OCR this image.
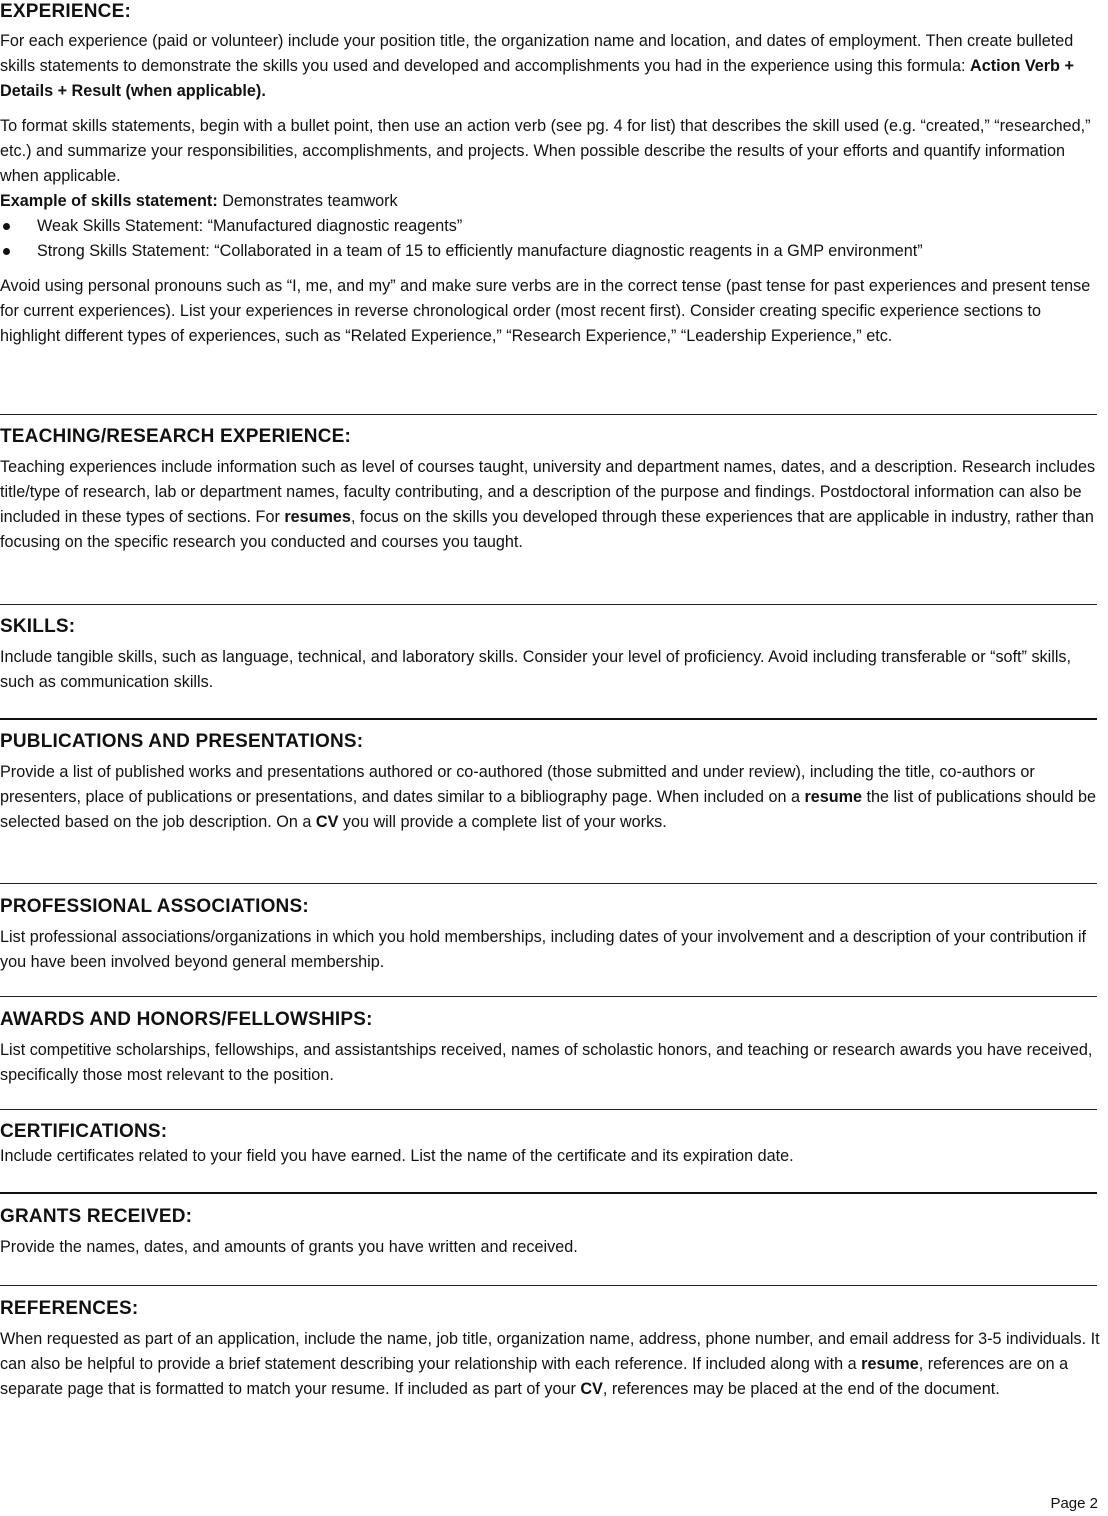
EXPERIENCE:

For each experience (paid or volunteer) include your position title, the organization name and location, and dates of employment. Then create bulleted skills statements to demonstrate the skills you used and developed and accomplishments you had in the experience using this formula: Action Verb + Details + Result (when applicable).

To format skills statements, begin with a bullet point, then use an action verb (see pg. 4 for list) that describes the skill used (e.g. “created,” “researched,” etc.) and summarize your responsibilities, accomplishments, and projects. When possible describe the results of your efforts and quantify information when applicable.

Example of skills statement: Demonstrates teamwork

Weak Skills Statement: “Manufactured diagnostic reagents”
Strong Skills Statement: “Collaborated in a team of 15 to efficiently manufacture diagnostic reagents in a GMP environment”

Avoid using personal pronouns such as “I, me, and my” and make sure verbs are in the correct tense (past tense for past experiences and present tense for current experiences). List your experiences in reverse chronological order (most recent first). Consider creating specific experience sections to highlight different types of experiences, such as “Related Experience,” “Research Experience,” “Leadership Experience,” etc.

TEACHING/RESEARCH EXPERIENCE:

Teaching experiences include information such as level of courses taught, university and department names, dates, and a description. Research includes title/type of research, lab or department names, faculty contributing, and a description of the purpose and findings. Postdoctoral information can also be included in these types of sections. For resumes, focus on the skills you developed through these experiences that are applicable in industry, rather than focusing on the specific research you conducted and courses you taught.

SKILLS:

Include tangible skills, such as language, technical, and laboratory skills. Consider your level of proficiency. Avoid including transferable or “soft” skills, such as communication skills.

PUBLICATIONS AND PRESENTATIONS:

Provide a list of published works and presentations authored or co-authored (those submitted and under review), including the title, co-authors or presenters, place of publications or presentations, and dates similar to a bibliography page. When included on a resume the list of publications should be selected based on the job description. On a CV you will provide a complete list of your works.

PROFESSIONAL ASSOCIATIONS:

List professional associations/organizations in which you hold memberships, including dates of your involvement and a description of your contribution if you have been involved beyond general membership.

AWARDS AND HONORS/FELLOWSHIPS:

List competitive scholarships, fellowships, and assistantships received, names of scholastic honors, and teaching or research awards you have received, specifically those most relevant to the position.

CERTIFICATIONS:

Include certificates related to your field you have earned. List the name of the certificate and its expiration date.

GRANTS RECEIVED:

Provide the names, dates, and amounts of grants you have written and received.

REFERENCES:

When requested as part of an application, include the name, job title, organization name, address, phone number, and email address for 3-5 individuals. It can also be helpful to provide a brief statement describing your relationship with each reference. If included along with a resume, references are on a separate page that is formatted to match your resume. If included as part of your CV, references may be placed at the end of the document.

Page 2
